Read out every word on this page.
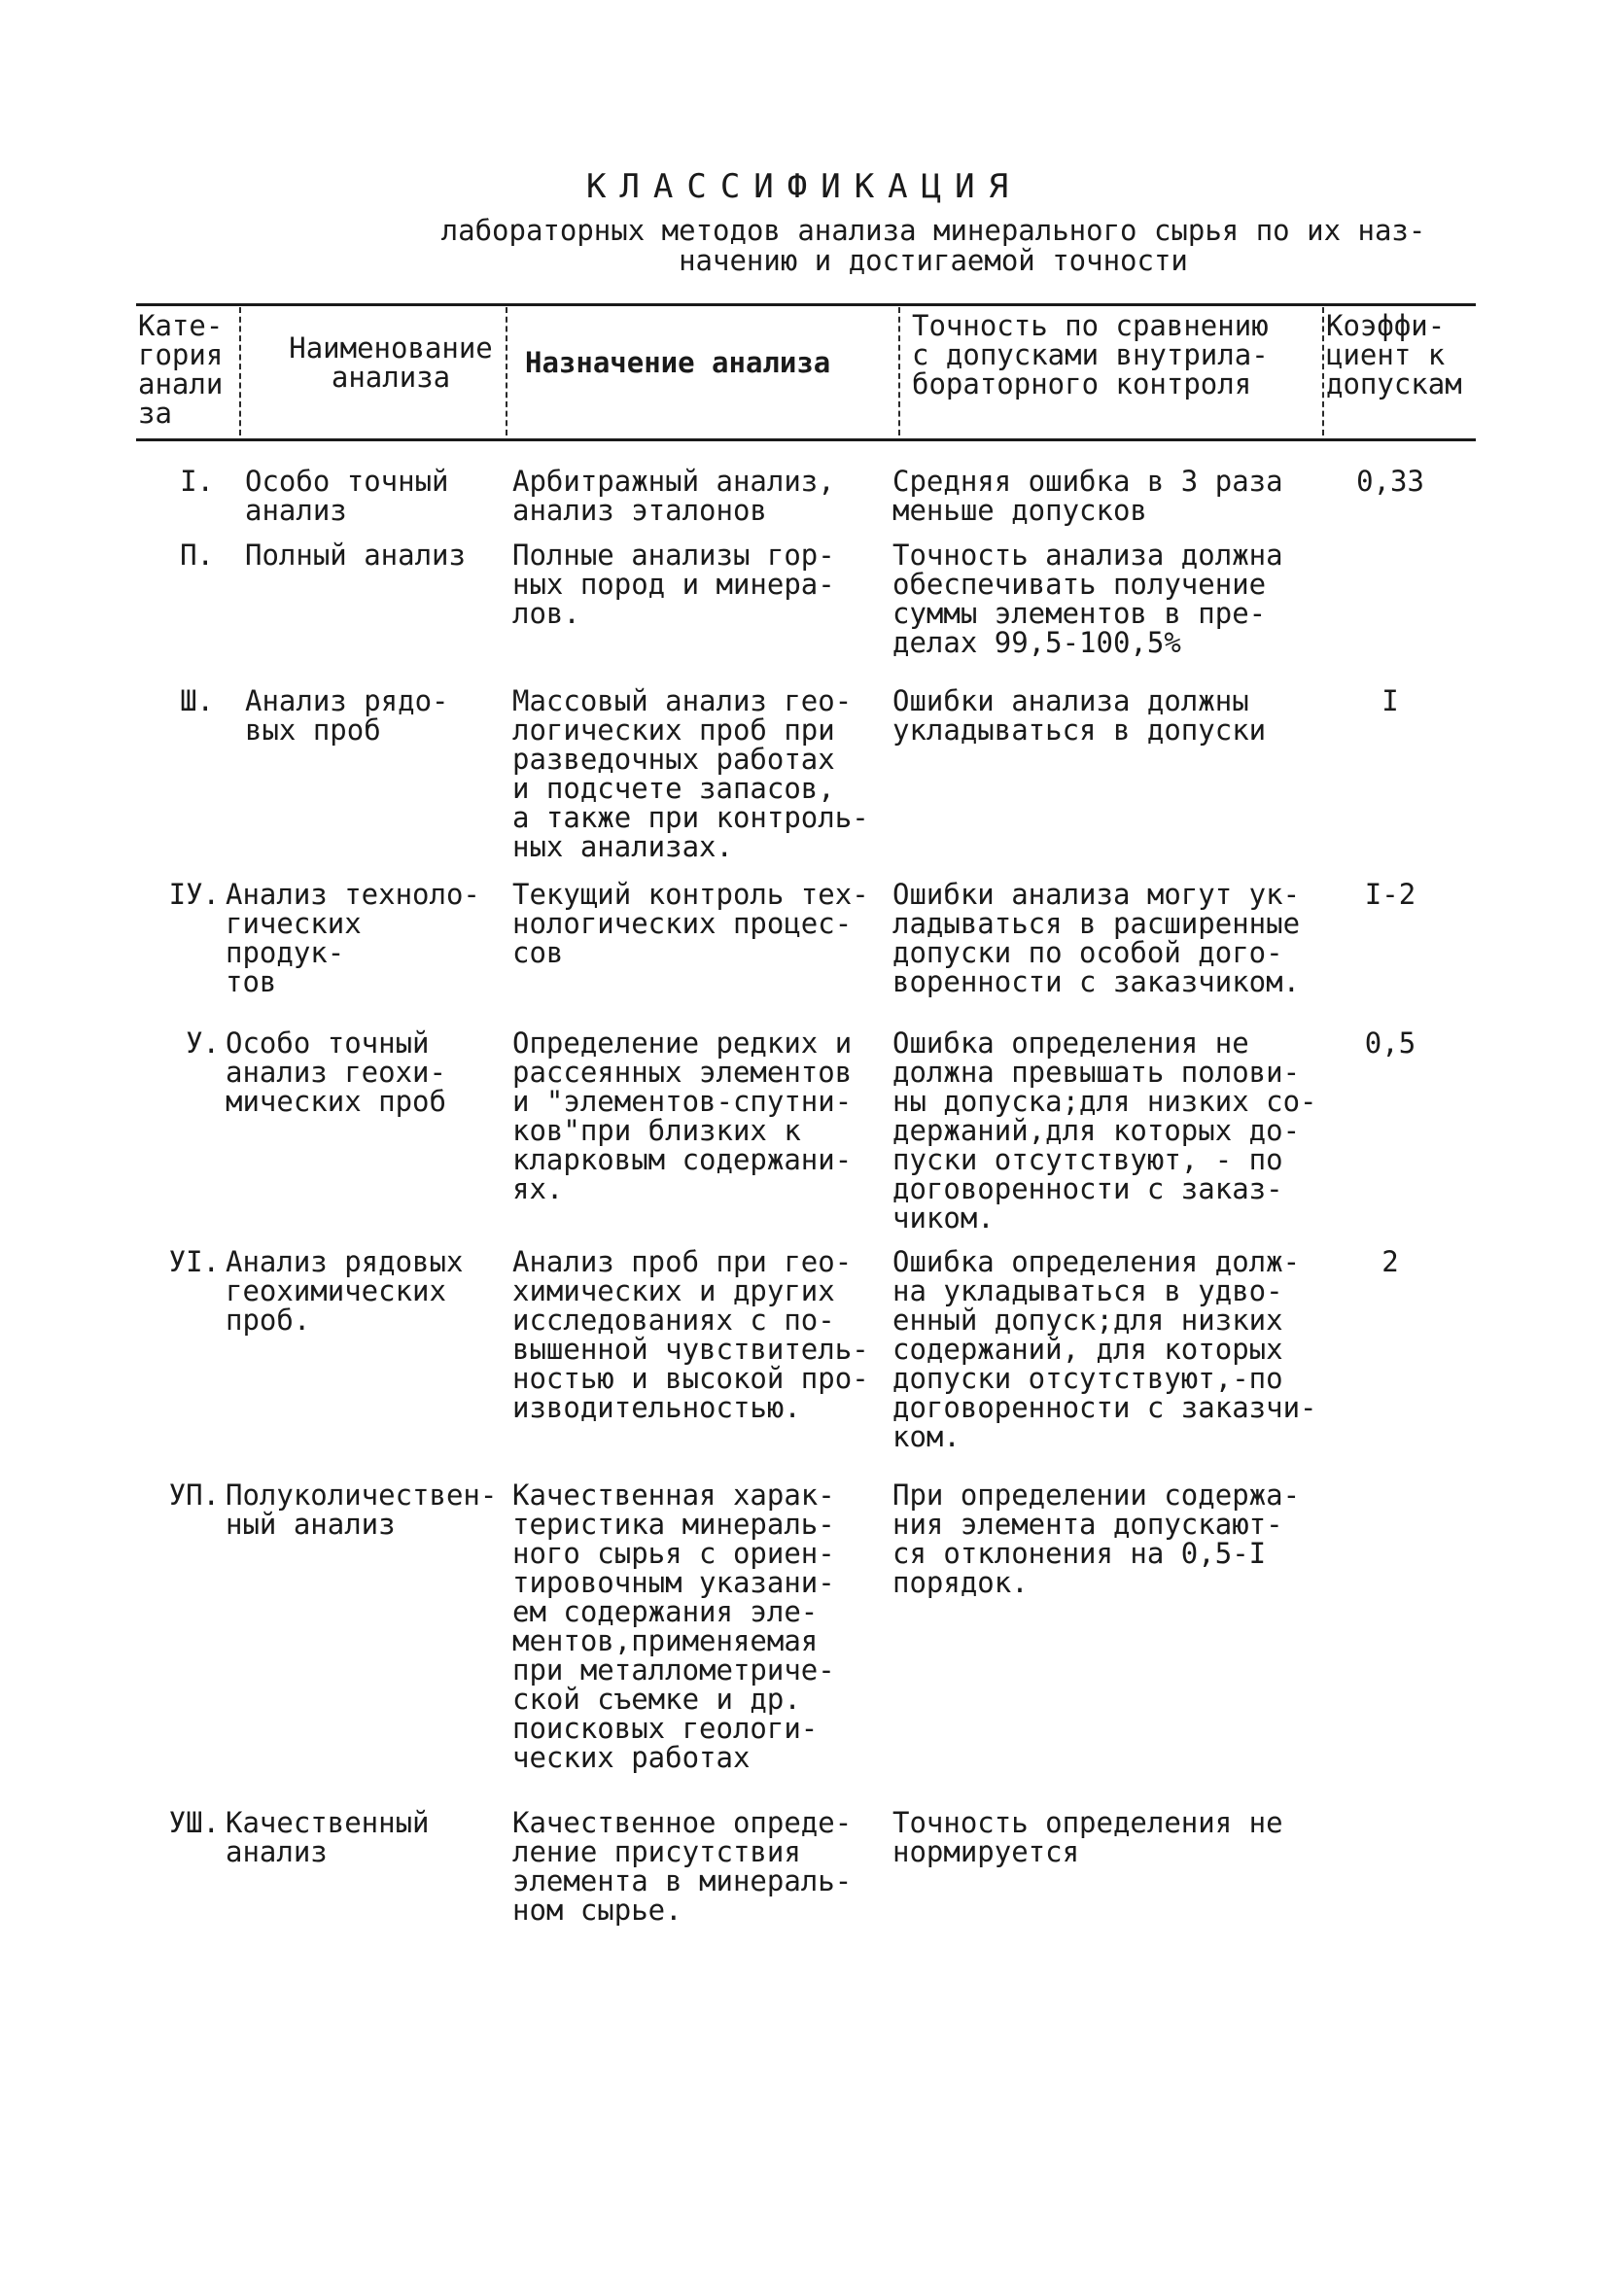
КЛАССИФИКАЦИЯ
лабораторных методов анализа минерального сырья по их наз-
начению и достигаемой точности
Кате-
гория
анали
за
Наименование
анализа	Назначение анализа
Точность по сравнению
с допусками внутрила-
бораторного контроля
Коэффи-
циент к
допускам
I. Особо точный
анализ
Арбитражный анализ,
анализ эталонов
Средняя ошибка в 3 раза
меньше допусков
0,33
П. Полный анализ	Полные анализы гор-
ных пород и минера-
лов.
Точность анализа должна
обеспечивать получение
суммы элементов в пре-
делах 99,5-100,5%
Ш. Анализ рядо-
вых проб
Массовый анализ гео-
логических проб при
разведочных работах
и подсчете запасов,
а также при контроль-
ных анализах.
Ошибки анализа должны
укладываться в допуски
I
IУ. Анализ техноло-
гических продук-
тов
Текущий контроль тех-
нологических процес-
сов
Ошибки анализа могут ук-
ладываться в расширенные
допуски по особой дого-
воренности с заказчиком.
I-2
У. Особо точный
анализ геохи-
мических проб
Определение редких и
рассеянных элементов
и "элементов-спутни-
ков"при близких к
кларковым содержани-
ях.
Ошибка определения не
должна превышать полови-
ны допуска;для низких со-
держаний,для которых до-
пуски отсутствуют, - по
договоренности с заказ-
чиком.
0,5
УI. Анализ рядовых
геохимических
проб.
Анализ проб при гео-
химических и других
исследованиях с по-
вышенной чувствитель-
ностью и высокой про-
изводительностью.
Ошибка определения долж-
на укладываться в удво-
енный допуск;для низких
содержаний, для которых
допуски отсутствуют,-по
договоренности с заказчи-
ком.
2
УП. Полуколичествен-
ный анализ
Качественная харак-
теристика минераль-
ного сырья с ориен-
тировочным указани-
ем содержания эле-
ментов,применяемая
при металлометриче-
ской съемке и др.
поисковых геологи-
ческих работах
При определении содержа-
ния элемента допускают-
ся отклонения на 0,5-I
порядок.
УШ. Качественный
анализ
Качественное опреде-
ление присутствия
элемента в минераль-
ном сырье.
Точность определения не
нормируется
